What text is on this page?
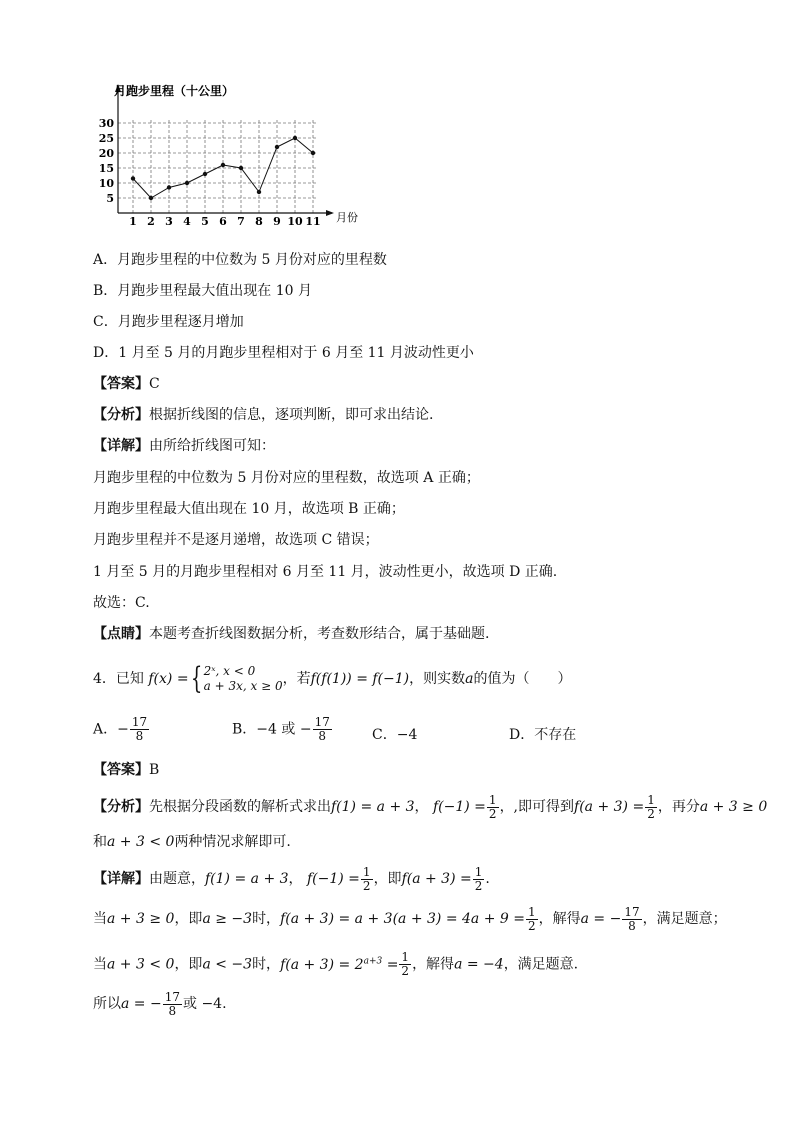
5
10
15
20
25
30
1 2 3 4 5 6 7 8 9 10 11
月跑步里程（十公里）
月份
A．月跑步里程的中位数为 5 月份对应的里程数
B．月跑步里程最大值出现在 10 月
C．月跑步里程逐月增加
D．1 月至 5 月的月跑步里程相对于 6 月至 11 月波动性更小
【答案】C
【分析】根据折线图的信息，逐项判断，即可求出结论.
【详解】由所给折线图可知：
月跑步里程的中位数为 5 月份对应的里程数，故选项 A 正确；
月跑步里程最大值出现在 10 月，故选项 B 正确；
月跑步里程并不是逐月递增，故选项 C 错误；
1 月至 5 月的月跑步里程相对 6 月至 11 月，波动性更小，故选项 D 正确.
故选：C.
【点睛】本题考查折线图数据分析，考查数形结合，属于基础题.
4．已知 f(x) ={ 2ˣ, x < 0
a + 3x, x ≥ 0 ，若f(f(1)) = f(−1)，则实数a的值为（　　）
A．− $\frac{17}{8}$	B．−4 或 − $\frac{17}{8}$	C．−4	D．不存在
【答案】B
【分析】先根据分段函数的解析式求出f(1) = a + 3， $f(-1) = \frac{1}{2}$ ，,即可得到$f(a + 3) = \frac{1}{2}$ ，再分a + 3 ≥ 0
和a + 3 < 0两种情况求解即可.
【详解】由题意，f(1) = a + 3， $f(-1) = \frac{1}{2}$ ，即$f(a + 3) = \frac{1}{2}$ .
当a + 3 ≥ 0，即a ≥ −3时，$f(a + 3) = a + 3(a + 3) = 4a + 9 = \frac{1}{2}$ ，解得a = − $\frac{17}{8}$ ，满足题意；
当a + 3 < 0，即a < −3时，$f(a + 3) = 2^{a+3} = \frac{1}{2}$ ，解得a = −4，满足题意.
所以a = − $\frac{17}{8}$ 或 −4.
